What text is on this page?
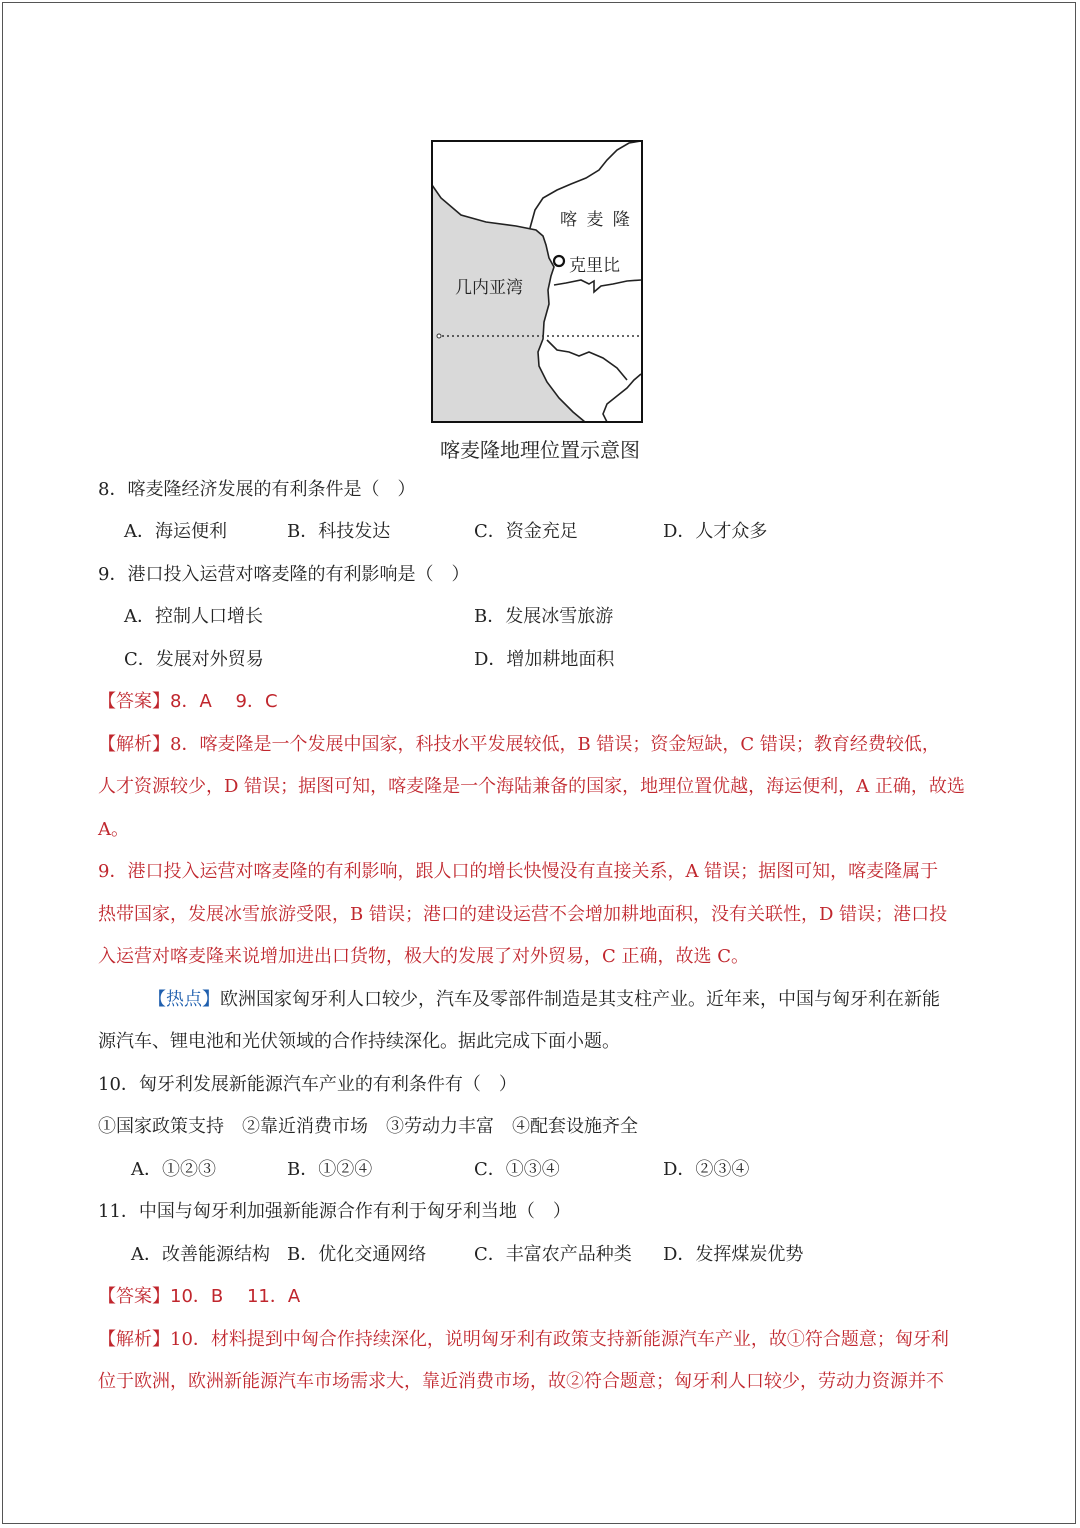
喀 麦 隆
克里比
几内亚湾
喀麦隆地理位置示意图
8．喀麦隆经济发展的有利条件是（　）
A．海运便利	B．科技发达	C．资金充足	D．人才众多
9．港口投入运营对喀麦隆的有利影响是（　）
A．控制人口增长	B．发展冰雪旅游
C．发展对外贸易	D．增加耕地面积
【答案】8．A　 9．C
【解析】8．喀麦隆是一个发展中国家，科技水平发展较低，B 错误；资金短缺，C 错误；教育经费较低，
人才资源较少，D 错误；据图可知，喀麦隆是一个海陆兼备的国家，地理位置优越，海运便利，A 正确，故选
A。
9．港口投入运营对喀麦隆的有利影响，跟人口的增长快慢没有直接关系，A 错误；据图可知，喀麦隆属于
热带国家，发展冰雪旅游受限，B 错误；港口的建设运营不会增加耕地面积，没有关联性，D 错误；港口投
入运营对喀麦隆来说增加进出口货物，极大的发展了对外贸易，C 正确，故选 C。
【热点】欧洲国家匈牙利人口较少，汽车及零部件制造是其支柱产业。近年来，中国与匈牙利在新能
源汽车、锂电池和光伏领域的合作持续深化。据此完成下面小题。
10．匈牙利发展新能源汽车产业的有利条件有（　）
①国家政策支持　②靠近消费市场　③劳动力丰富　④配套设施齐全
A．①②③	B．①②④	C．①③④	D．②③④
11．中国与匈牙利加强新能源合作有利于匈牙利当地（　）
A．改善能源结构 B．优化交通网络	C．丰富农产品种类 D．发挥煤炭优势
【答案】10．B　 11．A
【解析】10．材料提到中匈合作持续深化，说明匈牙利有政策支持新能源汽车产业，故①符合题意；匈牙利
位于欧洲，欧洲新能源汽车市场需求大，靠近消费市场，故②符合题意；匈牙利人口较少，劳动力资源并不
